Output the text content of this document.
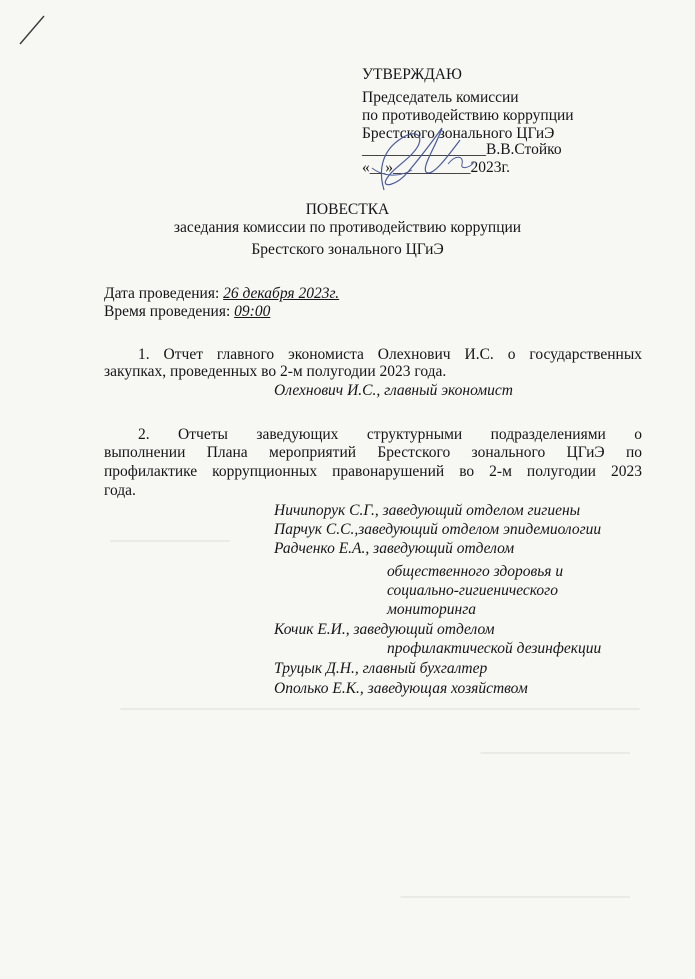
УТВЕРЖДАЮ
Председатель комиссии
по противодействию коррупции
Брестского зонального ЦГиЭ
________________В.В.Стойко
«__»__________2023г.
ПОВЕСТКА
заседания комиссии по противодействию коррупции
Брестского зонального ЦГиЭ
Дата проведения: 26 декабря 2023г.
Время проведения: 09:00
1. Отчет главного экономиста Олехнович И.С. о государственных
закупках, проведенных во 2-м полугодии 2023 года.
Олехнович И.С., главный экономист
2. Отчеты заведующих структурными подразделениями о
выполнении Плана мероприятий Брестского зонального ЦГиЭ по
профилактике коррупционных правонарушений во 2-м полугодии 2023
года.
Ничипорук С.Г., заведующий отделом гигиены
Парчук С.С.,заведующий отделом эпидемиологии
Радченко Е.А., заведующий отделом
общественного здоровья и
социально-гигиенического
мониторинга
Кочик Е.И., заведующий отделом
профилактической дезинфекции
Труцык Д.Н., главный бухгалтер
Ополько Е.К., заведующая хозяйством
